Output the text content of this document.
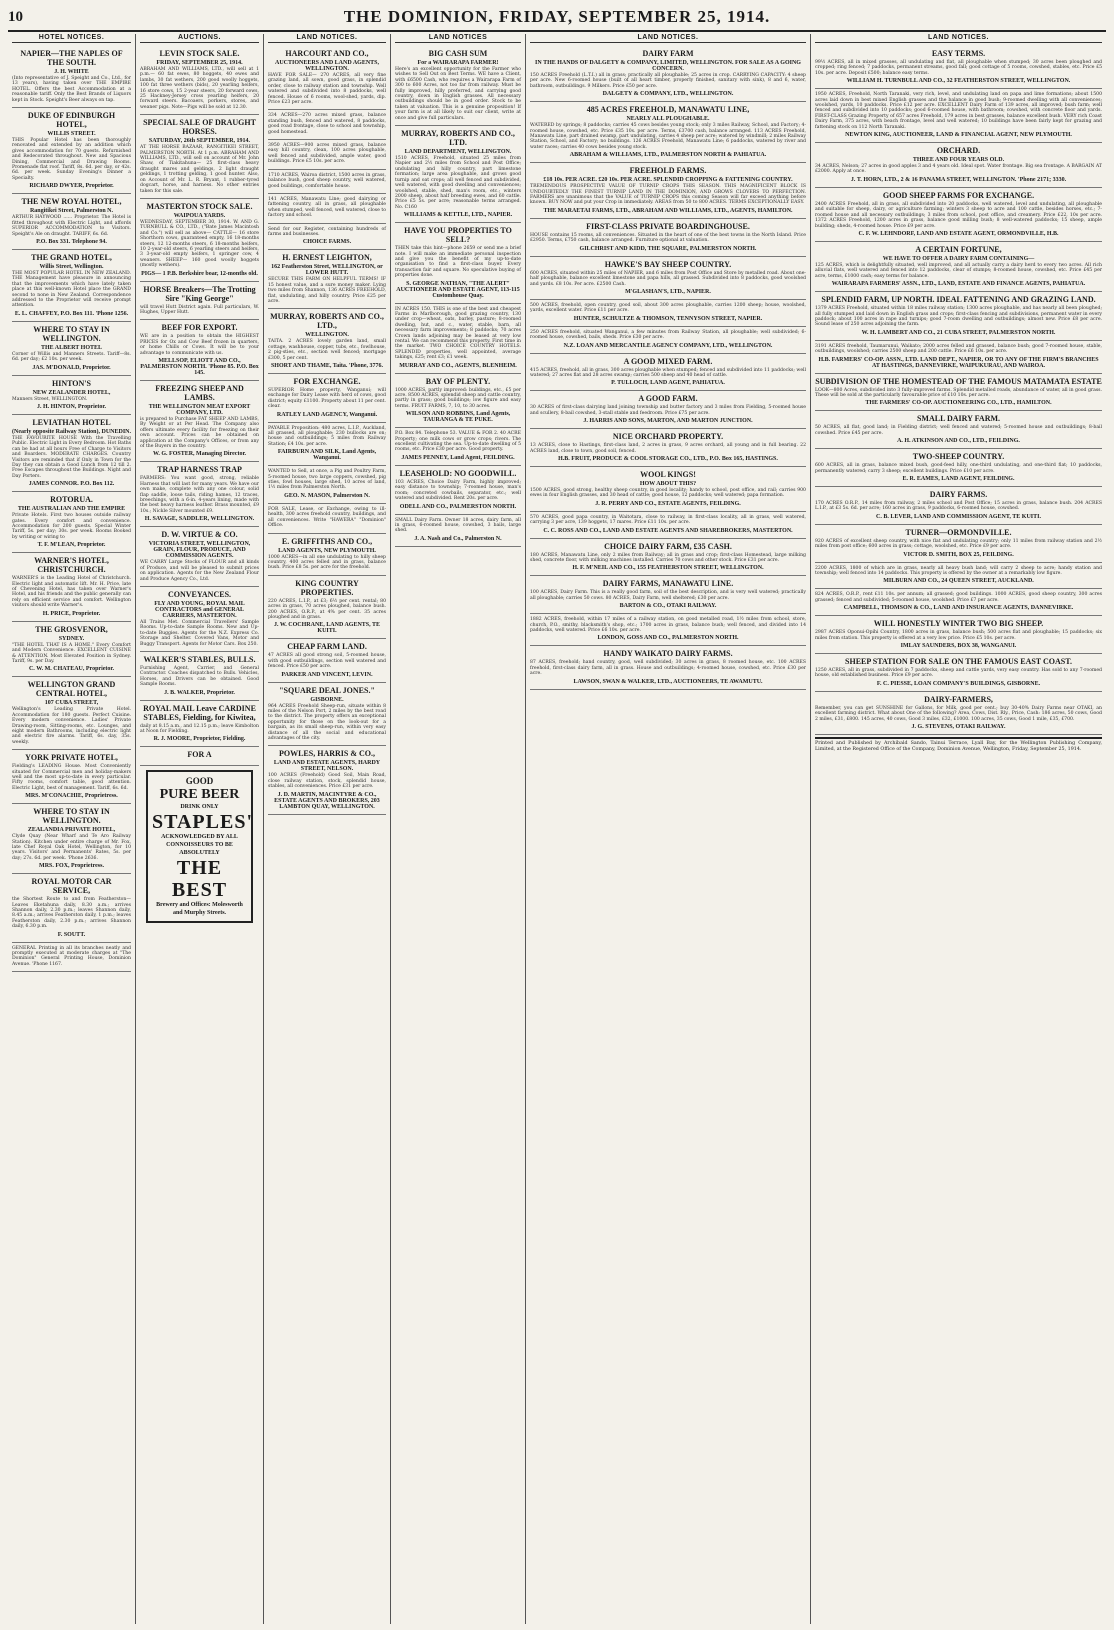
10	THE DOMINION, FRIDAY, SEPTEMBER 25, 1914.
HOTEL NOTICES.
NAPIER—THE NAPLES OF THE SOUTH.
J. H. WHITE
(Into representative of J. Speight and Co., Ltd., for 13 years), having taken over THE EMPIRE HOTEL. Offers the best Accommodation at a reasonable tariff. Only the Best Brands of Liquors kept in Stock. Speight's Beer always on tap.
DUKE OF EDINBURGH HOTEL,
WILLIS STREET.
THIS Popular Hotel has been thoroughly renovated and extended by an addition which gives accommodation for 70 guests. Refurnished and Redecorated throughout. New and Spacious Dining, Commercial and Drawing Rooms. Promenade flat roof. Tariff, 8s. 6d. per day, or 42s. 6d. per week. Sunday Evening's Dinner a Specialty.
RICHARD DWYER, Proprietor.
THE NEW ROYAL HOTEL,
Rangitikei Street, Palmerston N.
ARTHUR HAYWOOD ...... Proprietor. The Hotel is fitted throughout with Electric Light, and affords SUPERIOR ACCOMMODATION to Visitors. Speight's Ale on draught. TARIFF, 6s. 6d.
P.O. Box 331. Telephone 94.
THE GRAND HOTEL,
Willis Street, Wellington.
THE MOST POPULAR HOTEL IN NEW ZEALAND. THE Management have pleasure in announcing that the improvements which have lately taken place at this well-known Hotel place the GRAND second to none in New Zealand. Correspondence addressed to the Proprietor will receive prompt attention.
E. L. CHAFFEY, P.O. Box 111. 'Phone 1256.
WHERE TO STAY IN WELLINGTON.
THE ALBERT HOTEL
Corner of Willis and Manners Streets. Tariff—8s. 6d. per day; £2 10s. per week.
JAS. M'DONALD, Proprietor.
HINTON'S
NEW ZEALANDER HOTEL,
Manners Street, WELLINGTON.
J. H. HINTON, Proprietor.
LEVIATHAN HOTEL
(Nearly opposite Railway Station), DUNEDIN.
THE FAVOURITE HOUSE With the Travelling Public. Electric Light in Every Bedroom. Hot Baths can be had at all hours Free of Charge to Visitors and Boarders. MODERATE CHARGES. Country Visitors are reminded that if Only in Town for the Day they can obtain a Good Lunch from 12 till 2. Free Escapes throughout the Buildings. Night and Day Porters.
JAMES CONNOR. P.O. Box 112.
ROTORUA.
THE AUSTRALIAN AND THE EMPIRE
Private Hotels. First two houses outside railway gates. Every comfort and convenience. Accommodation for 200 guests. Special Winter Tariff, 5s. per day; 30s. per week. Rooms Booked by writing or wiring to
T. F. M'LEAN, Proprietor.
WARNER'S HOTEL, CHRISTCHURCH.
WARNER'S is the Leading Hotel of Christchurch. Electric light and automatic lift. Mr. H. Price, late of Chevening Hotel, has taken over Warner's Hotel, and his friends and the public generally can rely on efficient service and comfort. Wellington visitors should write Warner's.
H. PRICE, Proprietor.
THE GROSVENOR,
SYDNEY.
"THE HOTEL THAT IS A HOME." Every Comfort and Modern Convenience. EXCELLENT CUISINE & ATTENTION. Most Elevated Position in Sydney. Tariff, 9s. per Day.
C. W. M. CHATEAU, Proprietor.
WELLINGTON GRAND CENTRAL HOTEL,
107 CUBA STREET,
Wellington's Leading Private Hotel. Accommodation for 180 guests. Perfect Cuisine. Every modern convenience. Ladies' Private Drawing-room, Sitting-rooms, etc. Lounges, and eight modern Bathrooms, including electric light and electric fire alarms. Tariff, 6s. day, 35s. weekly.
YORK PRIVATE HOTEL,
Fielding's LEADING House. Most Conveniently situated for Commercial men and holiday-makers well and the most up-to-date in every particular. Fifty rooms, comfort table, good attention. Electric Light, best of management. Tariff, 6s. 6d.
MRS. M'CONACHIE, Proprietress.
WHERE TO STAY IN WELLINGTON.
ZEALANDIA PRIVATE HOTEL,
Clyde Quay (Near Wharf and Te Aro Railway Station). Kitchen under entire charge of Mr. Fox, late Chef Royal Oak Hotel, Wellington, for 10 years. Visitors' and Permanents' Rates, 5s. per day; 27s. 6d. per week. 'Phone 2636.
MRS. FOX, Proprietress.
ROYAL MOTOR CAR SERVICE,
the Shortest Route to and from Featherston—Leaves Eketahuna daily, 8.30 a.m.; arrives Shannon daily, 2.30 p.m.; leaves Shannon daily, 8.45 a.m.; arrives Featherston daily, 1 p.m.; leaves Featherston daily, 2.30 p.m.; arrives Shannon daily, 6.30 p.m.
F. SOUTT.
GENERAL Printing in all its branches neatly and promptly executed at moderate charges at "The Dominion" General Printing House, Dominion Avenue. 'Phone 1167.
AUCTIONS.
LEVIN STOCK SALE.
FRIDAY, SEPTEMBER 25, 1914.
ABRAHAM AND WILLIAMS, LTD., will sell at 1 p.m.— 60 fat ewes, 80 hoggets, 40 ewes and lambs, 30 fat wethers, 200 good woolly hoggets, 100 fat three wethers (bids), 20 yearling heifers, 16 store cows, 15 2-year steers, 20 forward cows, 25 Hackney-Jersey cross yearling heifers, 20 forward steers. Bacoaers, porkers, stores, and weaner pigs. Note—Pigs will be sold at 12.30.
SPECIAL SALE OF DRAUGHT HORSES.
SATURDAY, 26th SEPTEMBER, 1914.
AT THE HORSE BAZAAR, RANGITIKEI STREET, PALMERSTON NORTH. At 1 p.m. ABRAHAM AND WILLIAMS, LTD., will sell on account of Mr. John Shaw, of Tiakitahuna— 25 first-class heavy draught mares and geldings, 2 light draught geldings, 1 trotting gelding, 1 good hunter. Also, on Account of Mr. L. R. Bryant, 1 rubber-tyred dogcart, horse, and harness. No other entries taken for this sale.
MASTERTON STOCK SALE.
WAIPOUA YARDS.
WEDNESDAY, SEPTEMBER 30, 1914. W. AND G. TURNBULL & CO., LTD., ("Bate James Macintosh and Co.") will sell as above— CATTLE— 16 store Shorthorn cows, guaranteed empty, 16 18-months steers, 12 12-months steers, 6 18-months heifers, 10 2-year-old steers, 6 yearling steers and heifers, 3 3-year-old empty heifers, 1 springer cow, 4 weaners. SHEEP— 160 good woolly hoggets (mostly wethers).
PIGS— 1 P.B. Berkshire boar, 12-months old.
HORSE Breakers—The Trotting Sire "King George"
will travel Hutt District again. Full particulars, W. Hughes, Upper Hutt.
BEEF FOR EXPORT.
WE are in a position to obtain the HIGHEST PRICES for Ox and Cow Beef frozen in quarters, or home Chills or Cows. It will be to your advantage to communicate with us.
MELLSOP, ELIOTT AND CO., PALMERSTON NORTH. 'Phone 85. P.O. Box 145.
FREEZING SHEEP AND LAMBS.
THE WELLINGTON MEAT EXPORT COMPANY, LTD.
is prepared to Purchase FAT SHEEP AND LAMBS, By Weight or at Per Head. The Company also offers ultimate every facility for freezing on their own account. Prices can be obtained on application at the Company's Offices, or from any of the Buyers in the country.
W. G. FOSTER, Managing Director.
TRAP HARNESS TRAP
FARMERS: You want good, strong, reliable Harness that will last for many years. We have our own make, complete with any one colour, solid flap saddle, loose tails, riding hames, 12 traces, breechings, with a 6-in. 4-years lining, made with the best heavy harness leather. Brass mounted, £9 10s.; Nickle Silver mounted £9.
H. SAVAGE, SADDLER, WELLINGTON.
D. W. VIRTUE & CO.
VICTORIA STREET, WELLINGTON, GRAIN, FLOUR, PRODUCE, AND COMMISSION AGENTS.
WE CARRY Large Stocks of FLOUR and all kinds of Produce, and will be pleased to submit prices on application. Agents for the New Zealand Flour and Produce Agency Co., Ltd.
CONVEYANCES.
FLY AND YOUNG, ROYAL MAIL CONTRACTORS and GENERAL CARRIERS, MASTERTON.
All Trains Met. Commercial Travellers' Sample Rooms. Up-to-date Sample Rooms. New and Up-to-date Buggies. Agents for the N.Z. Express Co. Storage and Shelter. Covered Vans, Motor and Buggy Transport. Agents for Motor Cars. Box 250.
WALKER'S STABLES, BULLS.
Furnishing Agent, Carrier, and General Contractor. Coaches dispatched to Bulls. Vehicles, Horses, and Drivers can be obtained. Good Sample Rooms.
J. B. WALKER, Proprietor.
ROYAL MAIL Leave CARDINE STABLES, Fielding, for Kiwitea,
daily at 8.15 a.m., and 12.15 p.m.; leave Kimbolton at Noon for Fielding.
R. J. MOORE, Proprietor, Fielding.
FOR A
GOOD
PURE BEER
DRINK ONLY
STAPLES'
ACKNOWLEDGED BY ALL CONNOISSEURS TO BE ABSOLUTELY
THE BEST
Brewery and Offices: Molesworth and Murphy Streets.
LAND NOTICES.
HARCOURT AND CO.,
AUCTIONEERS AND LAND AGENTS, WELLINGTON.
HAVE FOR SALE— 270 ACRES, all very fine grazing land, all sown, good grass, in splendid order, close to railway station and township. Well watered and subdivided into 8 paddocks, well fenced. House of 6 rooms, wool-shed, yards, dip. Price £23 per acre.
334 ACRES—270 acres mixed grass, balance standing bush, fenced and watered, 8 paddocks, good road frontage, close to school and township, good homestead.
3950 ACRES—900 acres mixed grass, balance easy hill country, clean, 100 acres ploughable, well fenced and subdivided, ample water, good buildings. Price £5 10s. per acre.
1710 ACRES, Wairoa district, 1500 acres in grass, balance bush, good sheep country, well watered, good buildings, comfortable house.
141 ACRES, Manawatu Line; good dairying or fattening country, all in grass, all ploughable when stumped, well fenced, well watered, close to factory and school.
Send for our Register, containing hundreds of farms and businesses.
CHOICE FARMS.
H. ERNEST LEIGHTON,
162 Featherston Street, WELLINGTON, or LOWER HUTT.
SECURE THIS FARM ON HELPFUL TERMS! IF 15 honest value, and a sure money maker. Lying two miles from Shannon, 136 ACRES FREEHOLD, flat, undulating, and hilly country. Price £25 per acre.
MURRAY, ROBERTS AND CO., LTD.,
WELLINGTON.
TAITA. 2 ACRES lovely garden land, small cottage, washhouse, copper, tubs, etc., fowlhouse, 2 pig-sties, etc., section well fenced; mortgage £300, 5 per cent.
SHORT AND THAME, Taita. 'Phone, 3776.
FOR EXCHANGE.
SUPERIOR Home property, Wanganui; will exchange for Dairy Lease with herd of cows, good district; equity £1100. Property about 11 per cent. clear.
RATLEY LAND AGENCY, Wanganui.
PAYABLE Proposition: 480 acres, L.I.P., Auckland, all grassed, all ploughable; 230 bullocks are on; house and outbuildings; 5 miles from Railway Station; £4 10s. per acre.
FAIRBURN AND SILK, Land Agents, Wanganui.
WANTED to Sell, at once, a Pig and Poultry Farm, 5-roomed house, two large coppers, cowshed, pig sties, fowl houses, large shed, 10 acres of land, 1½ miles from Palmerston North.
GEO. N. MASON, Palmerston N.
FOR SALE, Lease, or Exchange, owing to ill-health, 300 acres freehold country, buildings, and all conveniences. Write "HAWERA" "Dominion" Office.
E. GRIFFITHS AND CO.,
LAND AGENTS, NEW PLYMOUTH.
1000 ACRES—in all one undulating to hilly sheep country, 400 acres felled and in grass, balance bush. Price £8 5s. per acre for the freehold.
KING COUNTRY PROPERTIES.
220 ACRES, L.I.P., at £3; 6½ per cent. rental; 80 acres in grass, 70 acres ploughed, balance bush. 200 ACRES, O.R.P., at 4% per cent. 35 acres ploughed and in grass.
J. W. COCHRANE, LAND AGENTS, TE KUITI.
CHEAP FARM LAND.
47 ACRES all good strong soil, 5-roomed house, with good outbuildings, section well watered and fenced. Price £50 per acre.
PARKER AND VINCENT, LEVIN.
"SQUARE DEAL JONES."
GISBORNE.
964 ACRES Freehold Sheep-run, situate within 8 miles of the Nelson Port, 2 miles by the best road to the district. The property offers an exceptional opportunity for those on the look-out for a bargain, as its small sheep-run, within very easy distance of all the social and educational advantages of the city.
POWLES, HARRIS & CO.,
LAND AND ESTATE AGENTS, HARDY STREET, NELSON.
100 ACRES (Freehold) Good Soil, Main Road, close railway station, stock, splendid house, stables, all conveniences. Price £31 per acre.
J. D. MARTIN, MACINTYRE & CO., ESTATE AGENTS AND BROKERS, 203 LAMBTON QUAY, WELLINGTON.
LAND NOTICES
BIG CASH SUM
For a WAIRARAPA FARMER!
Here's an excellent opportunity for the Farmer who wishes to Sell Out on Best Terms. WE have a Client, with £6500 Cash, who requires a Wairarapa Farm of 300 to 600 Acres, not too far from railway. Must be fully improved, hilly preferred, and carrying good country, down in English grasses. All necessary outbuildings should be in good order. Stock to be taken at valuation. This is a genuine proposition! If your farm is at all likely to suit our client, write at once and give full particulars.
MURRAY, ROBERTS AND CO., LTD.
LAND DEPARTMENT, WELLINGTON.
1510 ACRES, Freehold, situated 25 miles from Napier and 2½ miles from School and Post Office; undulating and hilly country, part limestone formation; large area ploughable, and grows good turnip and oat crops; all well fenced and subdivided, well watered, with good dwelling and conveniences; woolshed, stable, shed, man's room, etc.; winters 2000 sheep, about half breeding ewes, and 60 cattle. Price £5 5s. per acre; reasonable terms arranged. No. C160
WILLIAMS & KETTLE, LTD., NAPIER.
HAVE YOU PROPERTIES TO SELL?
THEN take this hint—phone 2659 or send me a brief note. I will make an immediate personal inspection and give you the benefit of my up-to-date organisation to find a first-class buyer. Every transaction fair and square. No speculative buying of properties done.
S. GEORGE NATHAN, "THE ALERT" AUCTIONEER AND ESTATE AGENT, 113-115 Customhouse Quay.
IN ACRES 150. THIS is one of the best and cheapest Farms in Marlborough, good grazing country, 130 under crop—wheat, oats, barley, pasture; 8-roomed dwelling, hut, and c., water, stable, barn, all necessary farm improvements; 8 paddocks; 70 acres Crown lands adjoining may be leased at very low rental. We can recommend this property. First time in the market. TWO CHOICE COUNTRY HOTELS. SPLENDID properties, well appointed, average takings, £25; rent £3; £1 week.
MURRAY AND CO., AGENTS, BLENHEIM.
BAY OF PLENTY.
1000 ACRES, partly improved: buildings, etc., £5 per acre. 8500 ACRES, splendid sheep and cattle country, partly in grass; good buildings; low figure and easy terms. FRUIT FARMS, 7, 10, to 30 acres.
WILSON AND ROBBINS, Land Agents, TAURANGA & TE PUKE.
P.O. Box 84. Telephone 53. VALUE & FOR 2. 40 ACRE Property; one milk cows or grow crops; rivers. The excellent cultivating the sea. Up-to-date dwelling of 5 rooms, etc. Price £30 per acre. Good property.
JAMES PENNEY, Land Agent, FEILDING.
LEASEHOLD: NO GOODWILL.
103 ACRES, Choice Dairy Farm, highly improved; easy distance to township; 7-roomed house, man's room; concreted cowbails, separator, etc.; well watered and subdivided. Rent 20s. per acre.
ODELL AND CO., PALMERSTON NORTH.
SMALL Dairy Farm. Owner 18 acres, dairy farm, all in grass, 6-roomed house, cowshed, 3 bails, large shed.
J. A. Nash and Co., Palmerston N.
LAND NOTICES.
DAIRY FARM
IN THE HANDS OF DALGETY & COMPANY, LIMITED, WELLINGTON. FOR SALE AS A GOING CONCERN.
150 ACRES Freehold (L.T.I.) all in grass; practically all ploughable; 25 acres in crop. CARRYING CAPACITY: 4 sheep per acre. New 6-roomed house (built of all heart timber, properly finished, sanitary with sink), 8 and 6, water, bathroom, outbuildings. 9 Milkers. Price £50 per acre.
DALGETY & COMPANY, LTD., WELLINGTON.
485 ACRES FREEHOLD, MANAWATU LINE,
NEARLY ALL PLOUGHABLE.
WATERED by springs; 8 paddocks; carries 45 cows besides young stock; only 3 miles Railway, School, and Factory; 4-roomed house, cowshed, etc. Price £35 10s. per acre. Terms, £3700 cash, balance arranged. 113 ACRES Freehold, Manawatu Line, part drained swamp, part undulating, carries 4 sheep per acre; watered by windmill; 2 miles Railway Station, School, and Factory; no buildings. 126 ACRES Freehold, Manawatu Line; 6 paddocks, watered by river and water races; carries 40 cows besides young stock.
ABRAHAM & WILLIAMS, LTD., PALMERSTON NORTH & PAHIATUA.
FREEHOLD FARMS.
£18 10s. PER ACRE. £20 10s. PER ACRE. SPLENDID CROPPING & FATTENING COUNTRY.
TREMENDOUS PROSPECTIVE VALUE OF TURNIP CROPS THIS SEASON. THIS MAGNIFICENT BLOCK IS UNDOUBTEDLY THE FINEST TURNIP LAND IN THE DOMINION, AND GROWS CLOVERS TO PERFECTION. FARMERS are unanimous that the VALUE of TURNIP CROPS this coming Season will far exceed anything before known. BUY NOW and put your Crop in immediately. AREAS from 50 to 800 ACRES. TERMS EXCEPTIONALLY EASY.
THE MARAETAI FARMS, LTD., ABRAHAM AND WILLIAMS, LTD., AGENTS, HAMILTON.
FIRST-CLASS PRIVATE BOARDINGHOUSE.
HOUSE contains 15 rooms, all conveniences. Situated in the heart of one of the best towns in the North Island. Price £2950. Terms, £750 cash, balance arranged. Furniture optional at valuation.
GILCHRIST AND KIDD, THE SQUARE, PALMERSTON NORTH.
HAWKE'S BAY SHEEP COUNTRY.
600 ACRES, situated within 25 miles of NAPIER, and 6 miles from Post Office and Store by metalled road. About one-half ploughable, balance excellent limestone and papa hills, all grassed. Subdivided into 8 paddocks, good woolshed and yards. £8 10s. Per acre. £2500 Cash.
M'GLASHAN'S, LTD., NAPIER.
500 ACRES, freehold, open country, good soil, about 300 acres ploughable, carries 1200 sheep; house, woolshed, yards, excellent water. Price £11 per acre.
HUNTER, SCHULTZE & THOMSON, TENNYSON STREET, NAPIER.
250 ACRES freehold, situated Wanganui, a few minutes from Railway Station, all ploughable; well subdivided; 6-roomed house, cowshed, bails, sheds. Price £30 per acre.
N.Z. LOAN AND MERCANTILE AGENCY COMPANY, LTD., WELLINGTON.
A GOOD MIXED FARM.
415 ACRES, freehold, all in grass, 300 acres ploughable when stumped; fenced and subdivided into 11 paddocks; well watered; 27 acres flat and 28 acres swamp; carries 500 sheep and 40 head of cattle.
P. TULLOCH, LAND AGENT, PAHIATUA.
A GOOD FARM.
30 ACRES of first-class dairying land joining township and butter factory and 3 miles from Fielding, 5-roomed house and scullery, 8-bail cowshed, 3-stall stable and feedroom. Price £75 per acre.
J. HARRIS AND SONS, MARTON, AND MARTON JUNCTION.
NICE ORCHARD PROPERTY.
13 ACRES, close to Hastings, first-class land, 2 acres in grass, 9 acres orchard, all young and in full bearing. 22 ACRES land, close to town, good soil, fenced.
H.B. FRUIT, PRODUCE & COOL STORAGE CO., LTD., P.O. Box 165, HASTINGS.
WOOL KINGS!
HOW ABOUT THIS?
1500 ACRES, good strong, healthy sheep country, in good locality; handy to school, post office, and rail; carries 900 ewes in four English grasses, and 30 head of cattle; good house, 12 paddocks; well watered; papa formation.
J. R. PERRY AND CO., ESTATE AGENTS, FEILDING.
570 ACRES, good papa country, in Waitotara, close to railway, in first-class locality, all in grass, well watered, carrying 3 per acre, 139 hoggets, 17 mares. Price £11 10s. per acre.
C. C. ROSS AND CO., LAND AND ESTATE AGENTS AND SHAREBROKERS, MASTERTON.
CHOICE DAIRY FARM, £35 CASH.
180 ACRES, Manawatu Line, only 2 miles from Railway; all in grass and crop; first-class Homestead, large milking shed, concrete floor, with milking machines installed. Carries 70 cows and other stock. Price £31 per acre.
H. F. M'NEIL AND CO., 155 FEATHERSTON STREET, WELLINGTON.
DAIRY FARMS, MANAWATU LINE.
100 ACRES, Dairy Farm. This is a really good farm, soil of the best description, and is very well watered; practically all ploughable; carries 50 cows. 80 ACRES, Dairy Farm, well sheltered; £30 per acre.
BARTON & CO., OTAKI RAILWAY.
1882 ACRES, freehold, within 17 miles of a railway station, on good metalled road, 1½ miles from school, store, church, P.O., smithy, blacksmith's shop, etc.; 1700 acres in grass, balance bush; well fenced, and divided into 14 paddocks, well watered. Price £6 10s. per acre.
LONDON, GOSS AND CO., PALMERSTON NORTH.
HANDY WAIKATO DAIRY FARMS.
87 ACRES, freehold; hand country, good, well subdivided; 30 acres in grass, 8 roomed house, etc. 100 ACRES freehold, first-class dairy farm, all in grass. House and outbuildings; 4-roomed house, cowshed, etc. Price £30 per acre.
LAWSON, SWAN & WALKER, LTD., AUCTIONEERS, TE AWAMUTU.
LAND NOTICES.
EASY TERMS.
99½ ACRES, all in mixed grasses, all undulating and flat, all ploughable when stumped; 30 acres been ploughed and cropped; ring fenced; 7 paddocks, permanent streams, good fall; good cottage of 5 rooms, cowshed, stables, etc. Price £5 10s. per acre. Deposit £500; balance easy terms.
WILLIAM H. TURNBULL AND CO., 32 FEATHERSTON STREET, WELLINGTON.
1950 ACRES, Freehold, North Taranaki, very rich, level, and undulating land on papa and lime formations; about 1500 acres laid down in best mixed English grasses and the balance in good bush; 9-roomed dwelling with all conveniences; woolshed, yards, 10 paddocks. Price £12 per acre. EXCELLENT Dairy Farm of 139 acres, all improved; bush farm; well fenced and subdivided into 10 paddocks; good 6-roomed house, with bathroom; cowshed, with concrete floor and yards. FIRST-CLASS Grazing Property of 657 acres Freehold, 179 acres in best grasses, balance excellent bush. VERY rich Coast Dairy Farm, 375 acres, with beach frontage, level and well watered; 10 buildings have been fairly kept for grazing and fattening stock on 112 North Taranaki.
NEWTON KING, AUCTIONEER, LAND & FINANCIAL AGENT, NEW PLYMOUTH.
ORCHARD.
THREE AND FOUR YEARS OLD.
34 ACRES, Nelson; 27 acres in good apples 3 and 4 years old. Ideal spot. Water frontage. Big sea frontage. A BARGAIN AT £2000. Apply at once.
J. T. HORN, LTD., 2 & 16 PANAMA STREET, WELLINGTON. 'Phone 2171; 3330.
GOOD SHEEP FARMS FOR EXCHANGE.
2400 ACRES Freehold, all in grass, all subdivided into 20 paddocks, well watered, level and undulating, all ploughable and suitable for sheep, dairy, or agriculture farming; winters 3 sheep to acre and 100 cattle, besides horses, etc.; 7-roomed house and all necessary outbuildings; 3 miles from school, post office, and creamery. Price £22, 10s per acre. 1372 ACRES Freehold, 1200 acres in grass, balance good milling bush; 8 well-watered paddocks; 15 sheep, ample building; sheds, 4-roomed house. Price £9 per acre.
C. F. W. LEHNDORF, LAND AND ESTATE AGENT, ORMONDVILLE, H.B.
A CERTAIN FORTUNE,
WE HAVE TO OFFER A DAIRY FARM CONTAINING—
125 ACRES, which is delightfully situated, well improved, and all actually carry a dairy herd to every two acres. All rich alluvial flats, well watered and fenced into 12 paddocks, clear of stumps; 8-roomed house, cowshed, etc. Price £45 per acre, terms, £1000 cash; easy terms for balance.
WAIRARAPA FARMERS' ASSN., LTD., LAND, ESTATE AND FINANCE AGENTS, PAHIATUA.
SPLENDID FARM, UP NORTH. IDEAL FATTENING AND GRAZING LAND.
1379 ACRES Freehold, situated within 18 miles railway station; 1300 acres ploughable, and has nearly all been ploughed; all fully stumped and laid down in English grass and crops; first-class fencing and subdivisions, permanent water in every paddock; about 100 acres in rape and turnips; good 7-room dwelling and outbuildings; almost new. Price £8 per acre. Sound lease of 250 acres adjoining the farm.
W. H. LAMBERT AND CO., 21 CUBA STREET, PALMERSTON NORTH.
3191 ACRES freehold, Taumarunui, Waikato; 2000 acres felled and grassed, balance bush; good 7-roomed house, stable, outbuildings, woolshed; carries 2500 sheep and 200 cattle. Price £6 10s. per acre.
H.B. FARMERS' CO-OP. ASSN., LTD. LAND DEPT., NAPIER, OR TO ANY OF THE FIRM'S BRANCHES AT HASTINGS, DANNEVIRKE, WAIPUKURAU, AND WAIROA.
SUBDIVISION OF THE HOMESTEAD OF THE FAMOUS MATAMATA ESTATE
LOOK—800 Acres, subdivided into 3 fully-improved farms. Splendid metalled roads, abundance of water, all in good grass. These will be sold at the particularly favourable price of £10 10s. per acre.
THE FARMERS' CO-OP. AUCTIONEERING CO., LTD., HAMILTON.
SMALL DAIRY FARM.
50 ACRES, all flat, good land; in Fielding district; well fenced and watered; 5-roomed house and outbuildings; 8-bail cowshed. Price £45 per acre.
A. H. ATKINSON AND CO., LTD., FEILDING.
TWO-SHEEP COUNTRY.
600 ACRES, all in grass, balance mixed bush, good-feed hilly, one-third undulating, and one-third flat; 10 paddocks, permanently watered; carry 3 sheep; excellent buildings. Price £10 per acre.
E. R. EAMES, LAND AGENT, FEILDING.
DAIRY FARMS.
170 ACRES O.R.P., 14 miles from railway, 2 miles school and Post Office; 15 acres in grass, balance bush. 204 ACRES L.I.P., at £3 5s. 6d. per acre; 160 acres in grass, 9 paddocks, 6-roomed house, cowshed.
C. B. LEVER, LAND AND COMMISSION AGENT, TE KUITI.
TURNER—ORMONDVILLE.
920 ACRES of excellent sheep country, with nice flat and undulating country; only 11 miles from railway station and 2½ miles from post office; 600 acres in grass; cottage, woolshed, etc. Price £9 per acre.
VICTOR D. SMITH, BOX 25, FEILDING.
2200 ACRES, 1800 of which are in grass, nearly all heavy bush land; will carry 2 sheep to acre; handy station and township; well fenced into 14 paddocks. This property is offered by the owner at a remarkably low figure.
MILBURN AND CO., 24 QUEEN STREET, AUCKLAND.
824 ACRES, O.R.P., rent £11 10s. per annum; all grassed; good buildings. 1000 ACRES, good sheep country, 300 acres grassed; fenced and subdivided; 5-roomed house, woolshed. Price £7 per acre.
CAMPBELL, THOMSON & CO., LAND AND INSURANCE AGENTS, DANNEVIRKE.
WILL HONESTLY WINTER TWO BIG SHEEP.
2987 ACRES Oponui-Opihi Country, 1800 acres in grass, balance bush; 500 acres flat and ploughable; 15 paddocks; six miles from station. This property is offered at a very low price. Price £5 10s. per acre.
IMLAY SAUNDERS, BOX 38, WANGANUI.
SHEEP STATION FOR SALE ON THE FAMOUS EAST COAST.
1250 ACRES, all in grass, subdivided in 7 paddocks, sheep and cattle yards, very easy country. Has sold to any 7-roomed house, old established business. Price £9 per acre.
F. C. PIESSE, LOAN COMPANY'S BUILDINGS, GISBORNE.
DAIRY-FARMERS,
Remember, you can get SUNSHINE for Gallons, for Milk, good per cent.; buy 30-40% Dairy Farms near OTAKI, an excellent farming district. What about One of the following? Area, Cows, Dist. Rly., Price, Cash: 186 acres, 50 cows, Good 2 miles, £31, £800. 145 acres, 40 cows, Good 3 miles, £32, £1000. 100 acres, 35 cows, Good 1 mile, £35, £700.
J. G. STEVENS, OTAKI RAILWAY.
Printed and Published by Archibald Sando, Tainui Terrace, Lyall Bay, for the Wellington Publishing Company, Limited, at the Registered Office of the Company, Dominion Avenue, Wellington, Friday, September 25, 1914.
